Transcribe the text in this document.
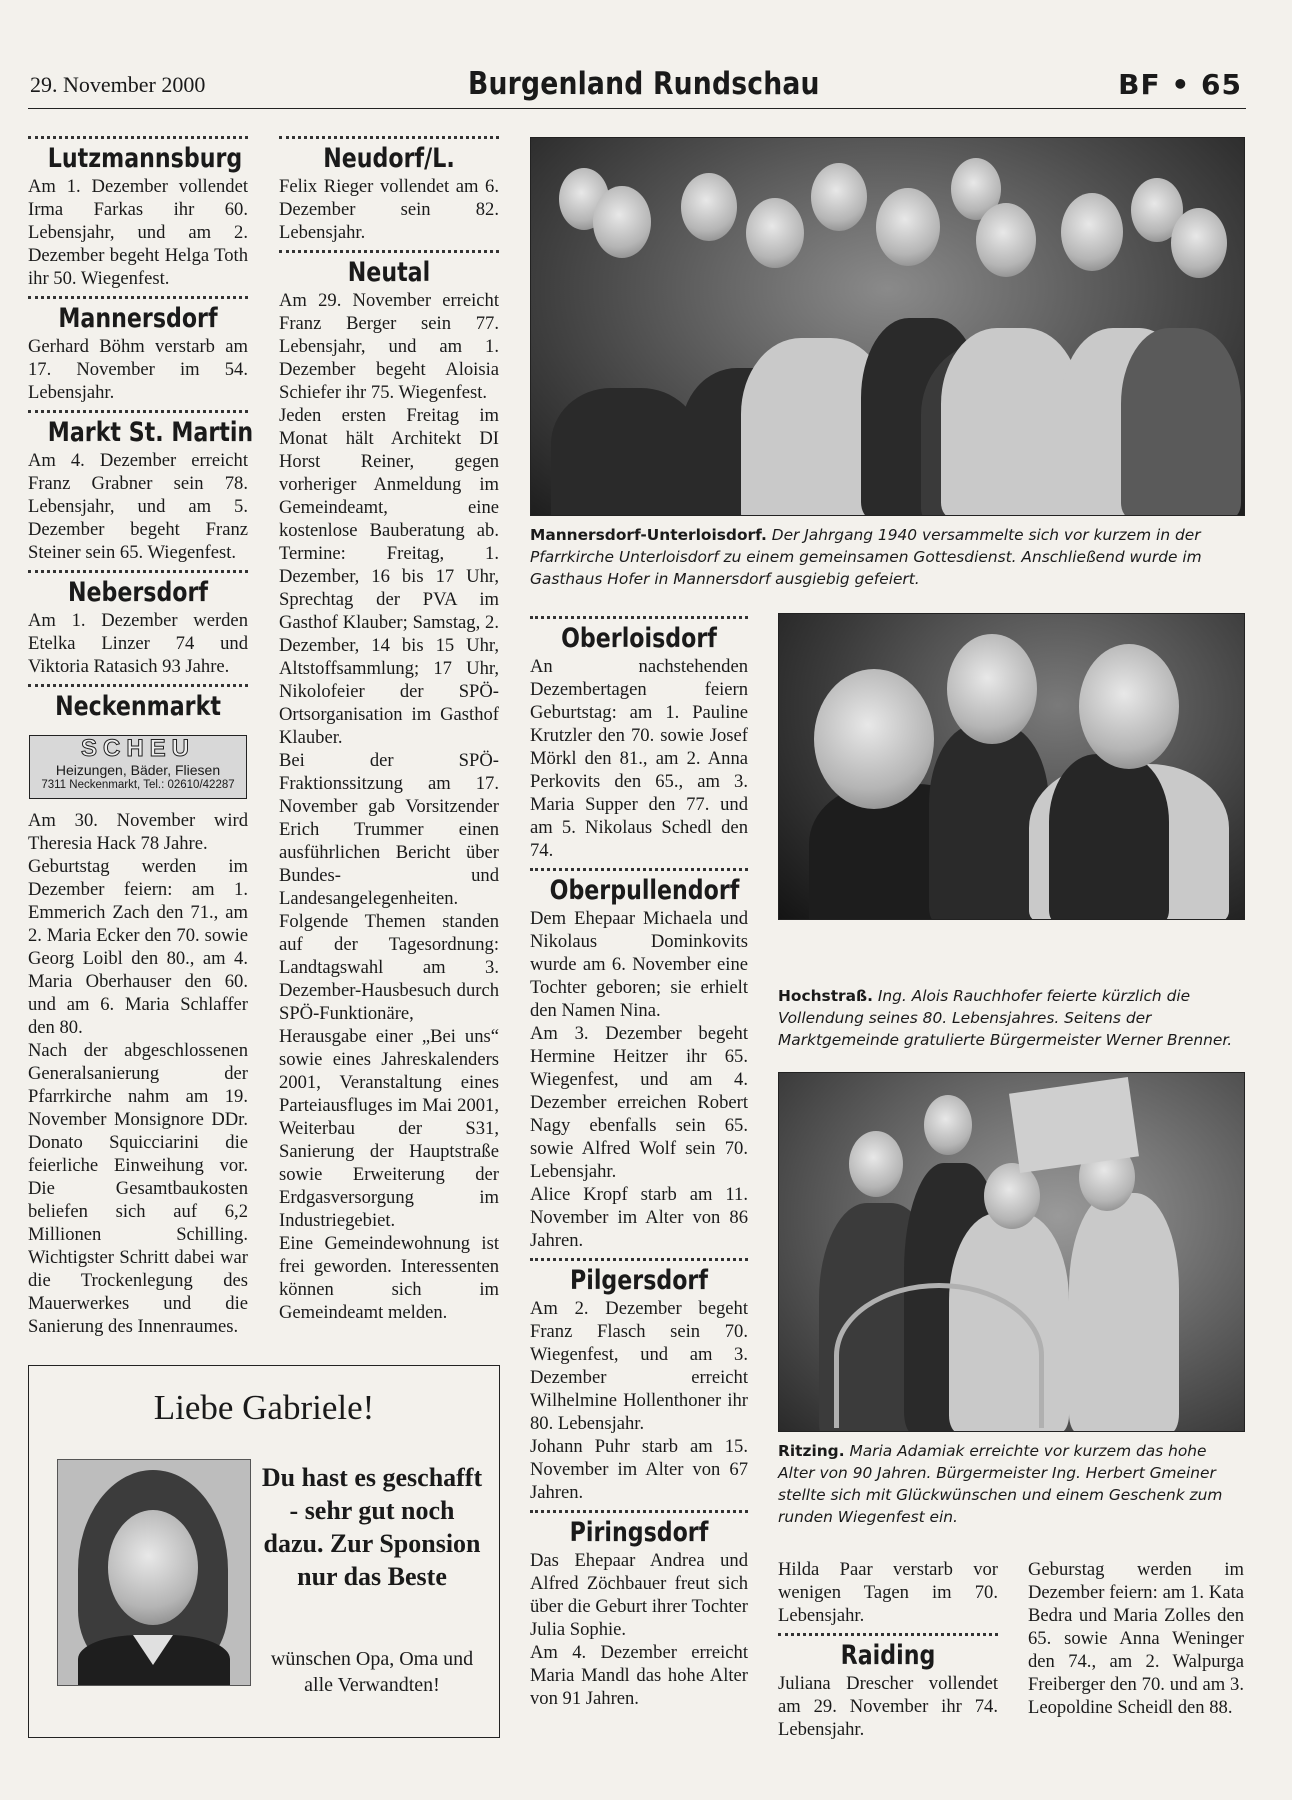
29. November 2000	Burgenland Rundschau	BF • 65
Lutzmannsburg

Am 1. Dezember vollendet Irma Farkas ihr 60. Lebensjahr, und am 2. Dezember begeht Helga Toth ihr 50. Wiegenfest.

Mannersdorf

Gerhard Böhm verstarb am 17. November im 54. Lebensjahr.

Markt St. Martin

Am 4. Dezember erreicht Franz Grabner sein 78. Lebensjahr, und am 5. Dezember begeht Franz Steiner sein 65. Wiegenfest.

Nebersdorf

Am 1. Dezember werden Etelka Linzer 74 und Viktoria Ratasich 93 Jahre.

Neckenmarkt
SCHEU
Heizungen, Bäder, Fliesen
7311 Neckenmarkt, Tel.: 02610/42287

Am 30. November wird Theresia Hack 78 Jahre.

Geburtstag werden im Dezember feiern: am 1. Emmerich Zach den 71., am 2. Maria Ecker den 70. sowie Georg Loibl den 80., am 4. Maria Oberhauser den 60. und am 6. Maria Schlaffer den 80.

Nach der abgeschlossenen Generalsanierung der Pfarrkirche nahm am 19. November Monsignore DDr. Donato Squicciarini die feierliche Einweihung vor. Die Gesamtbaukosten beliefen sich auf 6,2 Millionen Schilling. Wichtigster Schritt dabei war die Trockenlegung des Mauerwerkes und die Sanierung des Innenraumes.

Neudorf/L.

Felix Rieger vollendet am 6. Dezember sein 82. Lebensjahr.

Neutal

Am 29. November erreicht Franz Berger sein 77. Lebensjahr, und am 1. Dezember begeht Aloisia Schiefer ihr 75. Wiegenfest.

Jeden ersten Freitag im Monat hält Architekt DI Horst Reiner, gegen vorheriger Anmeldung im Gemeindeamt, eine kostenlose Bauberatung ab. Termine: Freitag, 1. Dezember, 16 bis 17 Uhr, Sprechtag der PVA im Gasthof Klauber; Samstag, 2. Dezember, 14 bis 15 Uhr, Altstoffsammlung; 17 Uhr, Nikolofeier der SPÖ-Ortsorganisation im Gasthof Klauber.

Bei der SPÖ-Fraktionssitzung am 17. November gab Vorsitzender Erich Trummer einen ausführlichen Bericht über Bundes- und Landesangelegenheiten. Folgende Themen standen auf der Tagesordnung: Landtagswahl am 3. Dezember-Hausbesuch durch SPÖ-Funktionäre, Herausgabe einer „Bei uns“ sowie eines Jahreskalenders 2001, Veranstaltung eines Parteiausfluges im Mai 2001, Weiterbau der S31, Sanierung der Hauptstraße sowie Erweiterung der Erdgasversorgung im Industriegebiet.

Eine Gemeindewohnung ist frei geworden. Interessenten können sich im Gemeindeamt melden.

Mannersdorf-Unterloisdorf. Der Jahrgang 1940 versammelte sich vor kurzem in der Pfarrkirche Unterloisdorf zu einem gemeinsamen Gottesdienst. Anschließend wurde im Gasthaus Hofer in Mannersdorf ausgiebig gefeiert.
Oberloisdorf

An nachstehenden Dezembertagen feiern Geburtstag: am 1. Pauline Krutzler den 70. sowie Josef Mörkl den 81., am 2. Anna Perkovits den 65., am 3. Maria Supper den 77. und am 5. Nikolaus Schedl den 74.

Oberpullendorf

Dem Ehepaar Michaela und Nikolaus Dominkovits wurde am 6. November eine Tochter geboren; sie erhielt den Namen Nina.

Am 3. Dezember begeht Hermine Heitzer ihr 65. Wiegenfest, und am 4. Dezember erreichen Robert Nagy ebenfalls sein 65. sowie Alfred Wolf sein 70. Lebensjahr.

Alice Kropf starb am 11. November im Alter von 86 Jahren.

Pilgersdorf

Am 2. Dezember begeht Franz Flasch sein 70. Wiegenfest, und am 3. Dezember erreicht Wilhelmine Hollenthoner ihr 80. Lebensjahr.

Johann Puhr starb am 15. November im Alter von 67 Jahren.

Piringsdorf

Das Ehepaar Andrea und Alfred Zöchbauer freut sich über die Geburt ihrer Tochter Julia Sophie.

Am 4. Dezember erreicht Maria Mandl das hohe Alter von 91 Jahren.

Hochstraß. Ing. Alois Rauchhofer feierte kürzlich die Vollendung seines 80. Lebensjahres. Seitens der Marktgemeinde gratulierte Bürgermeister Werner Brenner.
Ritzing. Maria Adamiak erreichte vor kurzem das hohe Alter von 90 Jahren. Bürgermeister Ing. Herbert Gmeiner stellte sich mit Glückwünschen und einem Geschenk zum runden Wiegenfest ein.

Hilda Paar verstarb vor wenigen Tagen im 70. Lebensjahr.

Raiding

Juliana Drescher vollendet am 29. November ihr 74. Lebensjahr.

Geburstag werden im Dezember feiern: am 1. Kata Bedra und Maria Zolles den 65. sowie Anna Weninger den 74., am 2. Walpurga Freiberger den 70. und am 3. Leopoldine Scheidl den 88.

Liebe Gabriele!
Du hast es geschafft - sehr gut noch dazu. Zur Sponsion nur das Beste
wünschen Opa, Oma und alle Verwandten!
